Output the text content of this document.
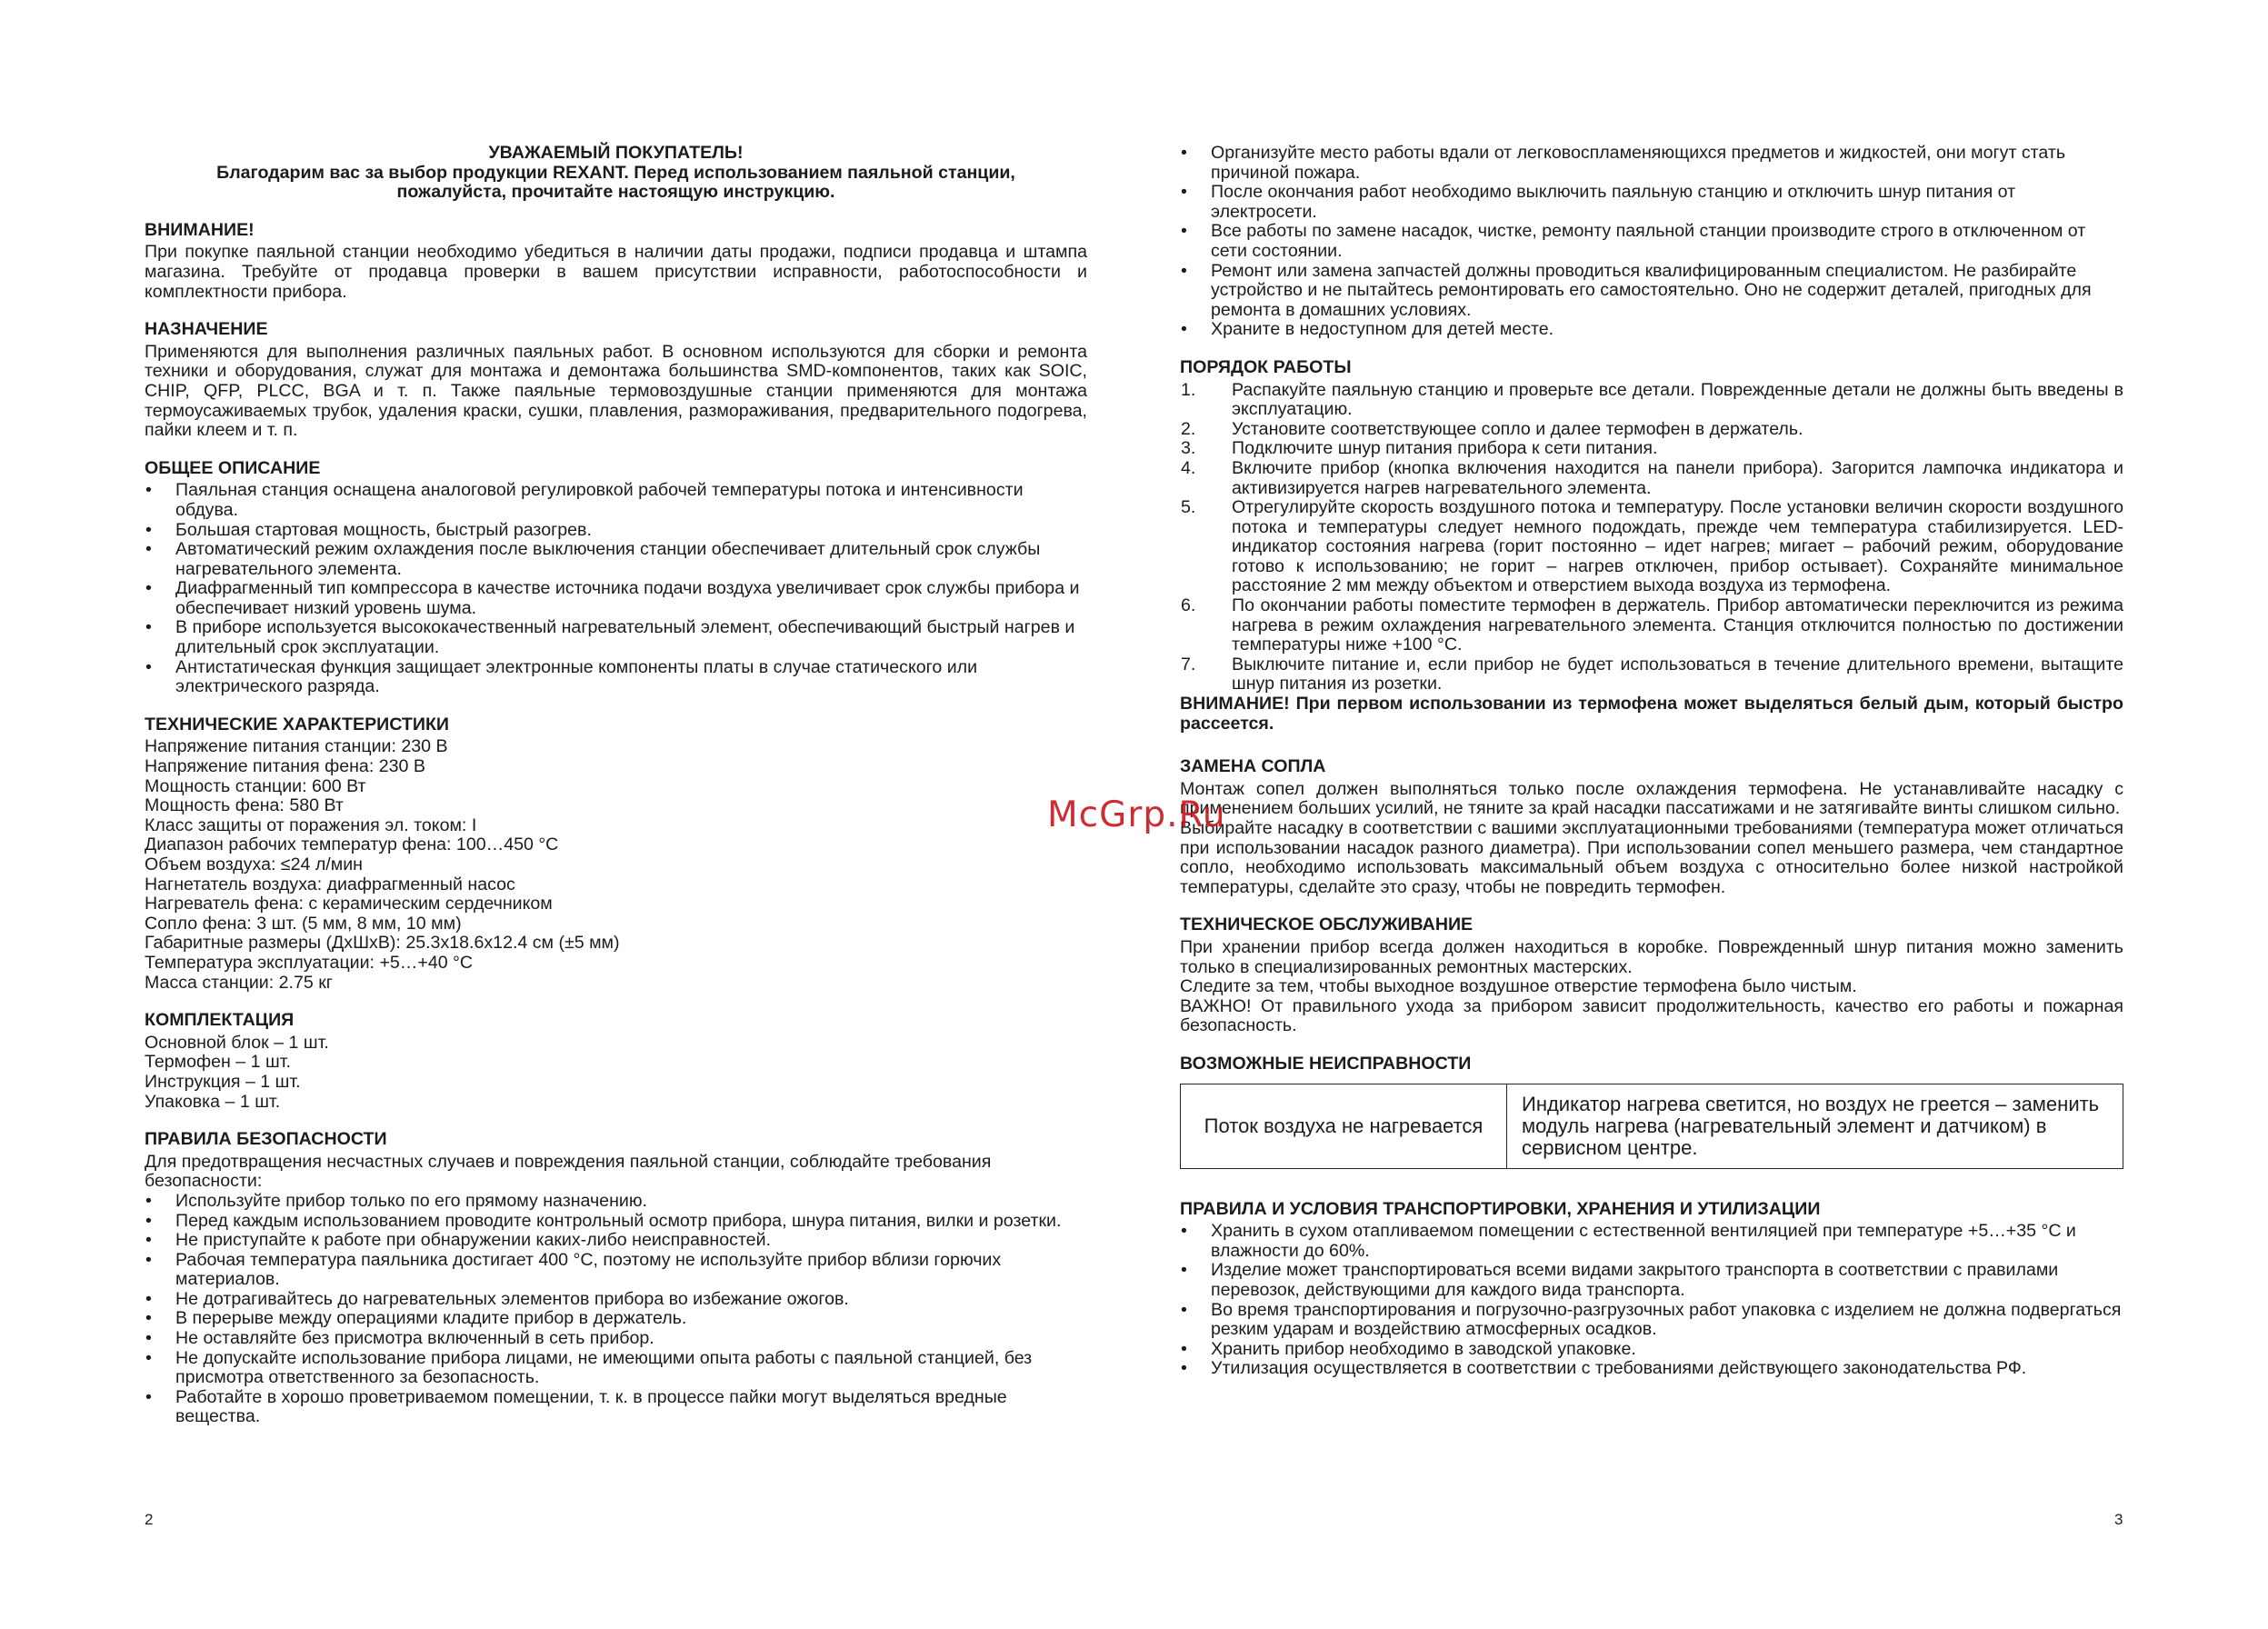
УВАЖАЕМЫЙ ПОКУПАТЕЛЬ!

Благодарим вас за выбор продукции REXANT. Перед использованием паяльной станции,

пожалуйста, прочитайте настоящую инструкцию.

ВНИМАНИЕ!

При покупке паяльной станции необходимо убедиться в наличии даты продажи, подписи продавца и штампа магазина. Требуйте от продавца проверки в вашем присутствии исправности, работоспособности и комплектности прибора.

НАЗНАЧЕНИЕ

Применяются для выполнения различных паяльных работ. В основном используются для сборки и ремонта техники и оборудования, служат для монтажа и демонтажа большинства SMD-компонентов, таких как SOIC, CHIP, QFP, PLCC, BGA и т. п. Также паяльные термовоздушные станции применяются для монтажа термоусаживаемых трубок, удаления краски, сушки, плавления, размораживания, предварительного подогрева, пайки клеем и т. п.

ОБЩЕЕ ОПИСАНИЕ
• Паяльная станция оснащена аналоговой регулировкой рабочей температуры потока и интенсивности обдува.
• Большая стартовая мощность, быстрый разогрев.
• Автоматический режим охлаждения после выключения станции обеспечивает длительный срок службы нагревательного элемента.
• Диафрагменный тип компрессора в качестве источника подачи воздуха увеличивает срок службы прибора и обеспечивает низкий уровень шума.
• В приборе используется высококачественный нагревательный элемент, обеспечивающий быстрый нагрев и длительный срок эксплуатации.
• Антистатическая функция защищает электронные компоненты платы в случае статического или электрического разряда.
ТЕХНИЧЕСКИЕ ХАРАКТЕРИСТИКИ

Напряжение питания станции: 230 В

Напряжение питания фена: 230 В

Мощность станции: 600 Вт

Мощность фена: 580 Вт

Класс защиты от поражения эл. током: I

Диапазон рабочих температур фена: 100…450 °С

Объем воздуха: ≤24 л/мин

Нагнетатель воздуха: диафрагменный насос

Нагреватель фена: с керамическим сердечником

Сопло фена: 3 шт. (5 мм, 8 мм, 10 мм)

Габаритные размеры (ДхШхВ): 25.3х18.6х12.4 см (±5 мм)

Температура эксплуатации: +5…+40 °С

Масса станции: 2.75 кг

КОМПЛЕКТАЦИЯ

Основной блок – 1 шт.

Термофен – 1 шт.

Инструкция – 1 шт.

Упаковка – 1 шт.

ПРАВИЛА БЕЗОПАСНОСТИ

Для предотвращения несчастных случаев и повреждения паяльной станции, соблюдайте требования безопасности:

• Используйте прибор только по его прямому назначению.
• Перед каждым использованием проводите контрольный осмотр прибора, шнура питания, вилки и розетки.
• Не приступайте к работе при обнаружении каких-либо неисправностей.
• Рабочая температура паяльника достигает 400 °С, поэтому не используйте прибор вблизи горючих материалов.
• Не дотрагивайтесь до нагревательных элементов прибора во избежание ожогов.
• В перерыве между операциями кладите прибор в держатель.
• Не оставляйте без присмотра включенный в сеть прибор.
• Не допускайте использование прибора лицами, не имеющими опыта работы с паяльной станцией, без присмотра ответственного за безопасность.
• Работайте в хорошо проветриваемом помещении, т. к. в процессе пайки могут выделяться вредные вещества.
• Организуйте место работы вдали от легковоспламеняющихся предметов и жидкостей, они могут стать причиной пожара.
• После окончания работ необходимо выключить паяльную станцию и отключить шнур питания от электросети.
• Все работы по замене насадок, чистке, ремонту паяльной станции производите строго в отключенном от сети состоянии.
• Ремонт или замена запчастей должны проводиться квалифицированным специалистом. Не разбирайте устройство и не пытайтесь ремонтировать его самостоятельно. Оно не содержит деталей, пригодных для ремонта в домашних условиях.
• Храните в недоступном для детей месте.
ПОРЯДОК РАБОТЫ
1. Распакуйте паяльную станцию и проверьте все детали. Поврежденные детали не должны быть введены в эксплуатацию.
2. Установите соответствующее сопло и далее термофен в держатель.
3. Подключите шнур питания прибора к сети питания.
4. Включите прибор (кнопка включения находится на панели прибора). Загорится лампочка индикатора и активизируется нагрев нагревательного элемента.
5. Отрегулируйте скорость воздушного потока и температуру. После установки величин скорости воздушного потока и температуры следует немного подождать, прежде чем температура стабилизируется. LED-индикатор состояния нагрева (горит постоянно – идет нагрев; мигает – рабочий режим, оборудование готово к использованию; не горит – нагрев отключен, прибор остывает). Сохраняйте минимальное расстояние 2 мм между объектом и отверстием выхода воздуха из термофена.
6. По окончании работы поместите термофен в держатель. Прибор автоматически переключится из режима нагрева в режим охлаждения нагревательного элемента. Станция отключится полностью по достижении температуры ниже +100 °С.
7. Выключите питание и, если прибор не будет использоваться в течение длительного времени, вытащите шнур питания из розетки.

ВНИМАНИЕ! При первом использовании из термофена может выделяться белый дым, который быстро рассеется.

ЗАМЕНА СОПЛА

Монтаж сопел должен выполняться только после охлаждения термофена. Не устанавливайте насадку с применением больших усилий, не тяните за край насадки пассатижами и не затягивайте винты слишком сильно.

Выбирайте насадку в соответствии с вашими эксплуатационными требованиями (температура может отличаться при использовании насадок разного диаметра). При использовании сопел меньшего размера, чем стандартное сопло, необходимо использовать максимальный объем воздуха с относительно более низкой настройкой температуры, сделайте это сразу, чтобы не повредить термофен.

ТЕХНИЧЕСКОЕ ОБСЛУЖИВАНИЕ

При хранении прибор всегда должен находиться в коробке. Поврежденный шнур питания можно заменить только в специализированных ремонтных мастерских.

Следите за тем, чтобы выходное воздушное отверстие термофена было чистым.

ВАЖНО! От правильного ухода за прибором зависит продолжительность, качество его работы и пожарная безопасность.

ВОЗМОЖНЫЕ НЕИСПРАВНОСТИ
Поток воздуха не нагревается	Индикатор нагрева светится, но воздух не греется – заменить модуль нагрева (нагревательный элемент и датчиком) в сервисном центре.
ПРАВИЛА И УСЛОВИЯ ТРАНСПОРТИРОВКИ, ХРАНЕНИЯ И УТИЛИЗАЦИИ
• Хранить в сухом отапливаемом помещении с естественной вентиляцией при температуре +5…+35 °С и влажности до 60%.
• Изделие может транспортироваться всеми видами закрытого транспорта в соответствии с правилами перевозок, действующими для каждого вида транспорта.
• Во время транспортирования и погрузочно-разгрузочных работ упаковка с изделием не должна подвергаться резким ударам и воздействию атмосферных осадков.
• Хранить прибор необходимо в заводской упаковке.
• Утилизация осуществляется в соответствии с требованиями действующего законодательства РФ.
McGrp.Ru
2	3
